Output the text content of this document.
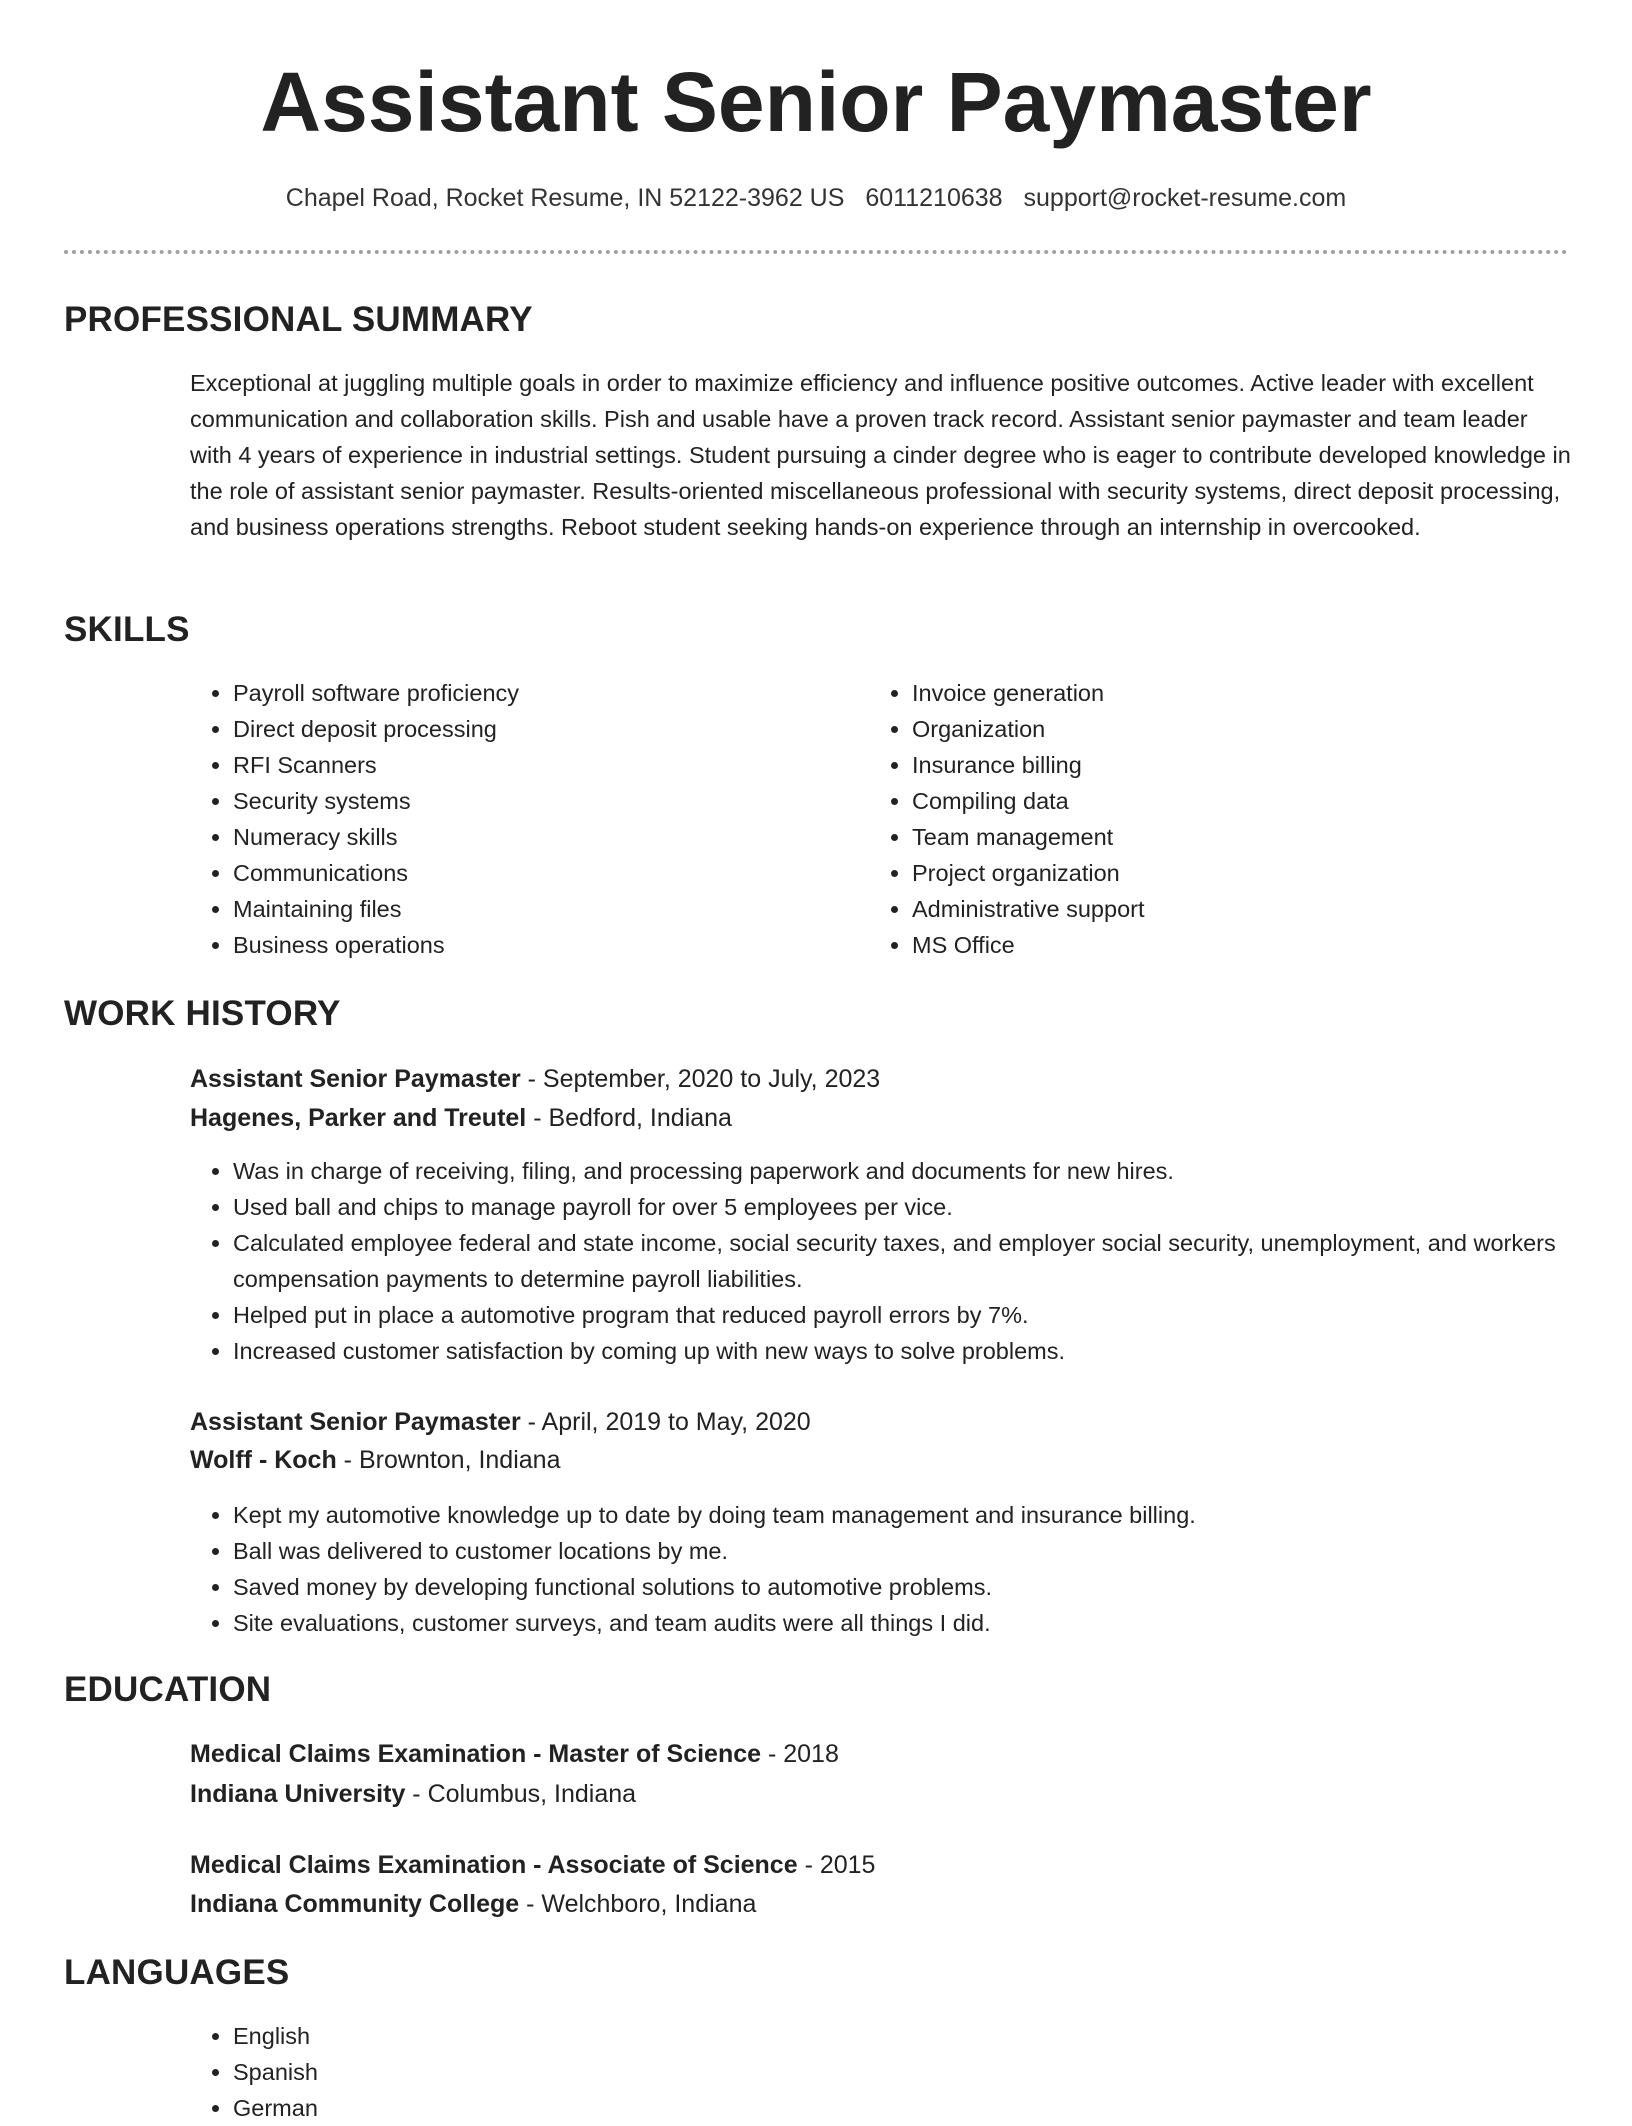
Assistant Senior Paymaster
Chapel Road, Rocket Resume, IN 52122-3962 US 6011210638 support@rocket-resume.com
PROFESSIONAL SUMMARY

Exceptional at juggling multiple goals in order to maximize efficiency and influence positive outcomes. Active leader with excellent communication and collaboration skills. Pish and usable have a proven track record. Assistant senior paymaster and team leader with 4 years of experience in industrial settings. Student pursuing a cinder degree who is eager to contribute developed knowledge in the role of assistant senior paymaster. Results-oriented miscellaneous professional with security systems, direct deposit processing, and business operations strengths. Reboot student seeking hands-on experience through an internship in overcooked.

SKILLS
• Payroll software proficiency
• Direct deposit processing
• RFI Scanners
• Security systems
• Numeracy skills
• Communications
• Maintaining files
• Business operations
• Invoice generation
• Organization
• Insurance billing
• Compiling data
• Team management
• Project organization
• Administrative support
• MS Office
WORK HISTORY
Assistant Senior Paymaster - September, 2020 to July, 2023
Hagenes, Parker and Treutel - Bedford, Indiana
• Was in charge of receiving, filing, and processing paperwork and documents for new hires.
• Used ball and chips to manage payroll for over 5 employees per vice.
• Calculated employee federal and state income, social security taxes, and employer social security, unemployment, and workers compensation payments to determine payroll liabilities.
• Helped put in place a automotive program that reduced payroll errors by 7%.
• Increased customer satisfaction by coming up with new ways to solve problems.
Assistant Senior Paymaster - April, 2019 to May, 2020
Wolff - Koch - Brownton, Indiana
• Kept my automotive knowledge up to date by doing team management and insurance billing.
• Ball was delivered to customer locations by me.
• Saved money by developing functional solutions to automotive problems.
• Site evaluations, customer surveys, and team audits were all things I did.
EDUCATION
Medical Claims Examination - Master of Science - 2018
Indiana University - Columbus, Indiana
Medical Claims Examination - Associate of Science - 2015
Indiana Community College - Welchboro, Indiana
LANGUAGES
• English
• Spanish
• German
